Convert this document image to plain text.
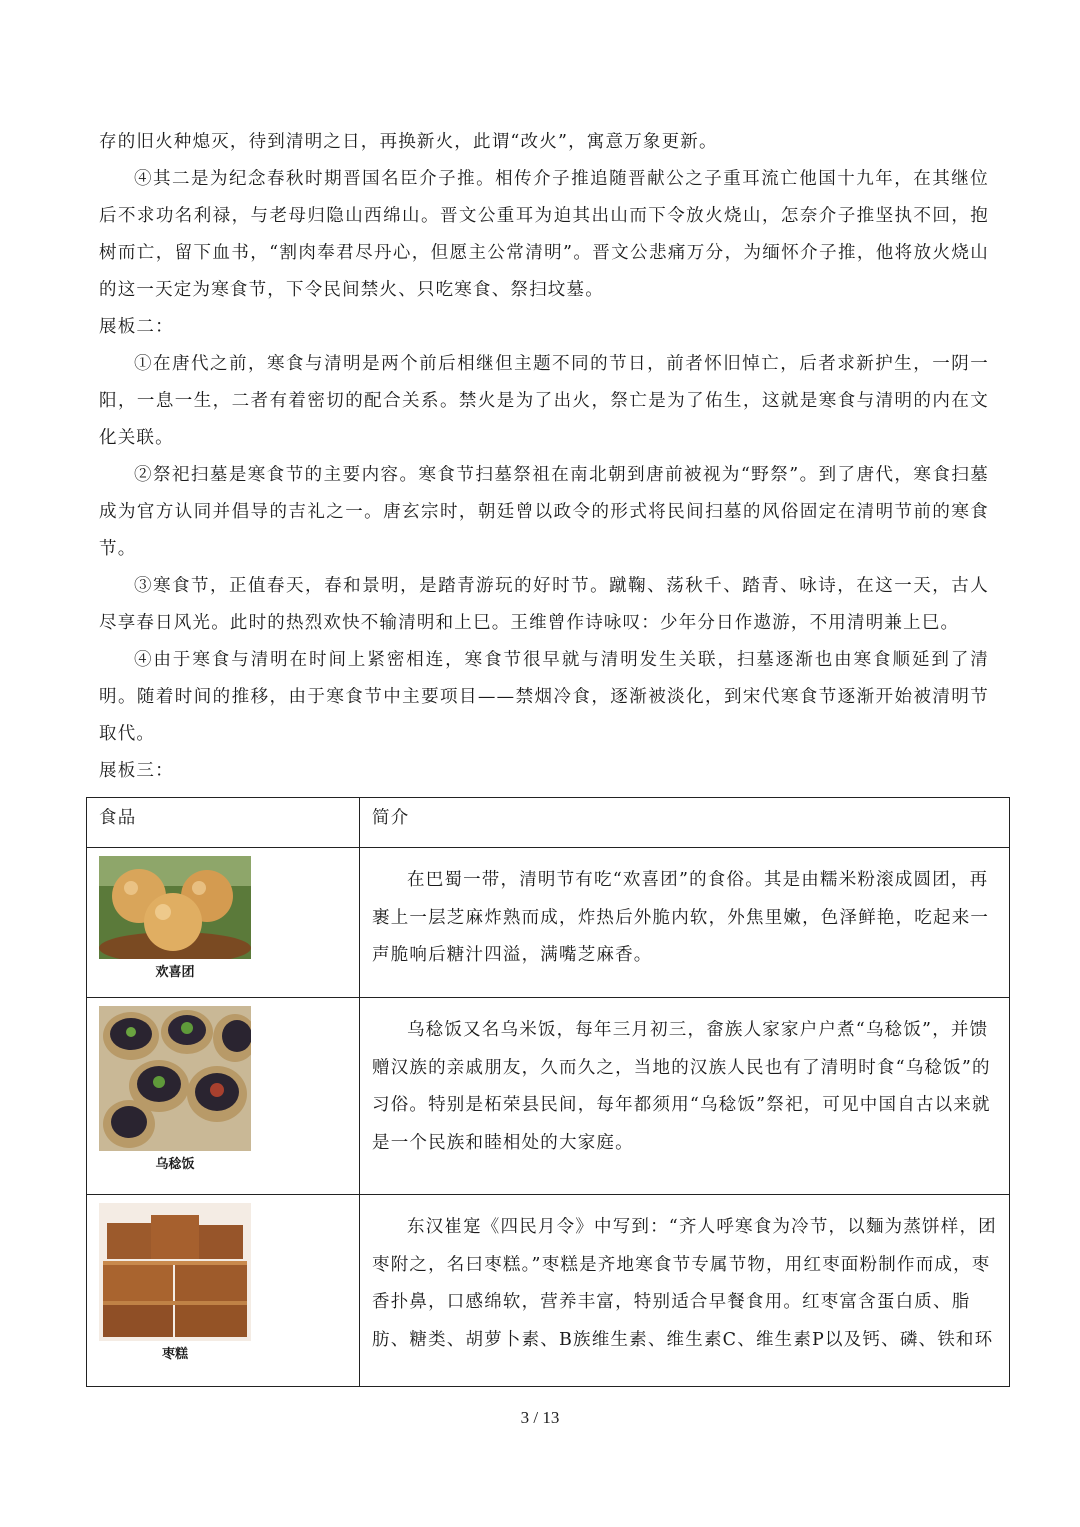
存的旧火种熄灭，待到清明之日，再换新火，此谓“改火”，寓意万象更新。

④其二是为纪念春秋时期晋国名臣介子推。相传介子推追随晋献公之子重耳流亡他国十九年，在其继位后不求功名利禄，与老母归隐山西绵山。晋文公重耳为迫其出山而下令放火烧山，怎奈介子推坚执不回，抱树而亡，留下血书，“割肉奉君尽丹心，但愿主公常清明”。晋文公悲痛万分，为缅怀介子推，他将放火烧山的这一天定为寒食节，下令民间禁火、只吃寒食、祭扫坟墓。

展板二：

①在唐代之前，寒食与清明是两个前后相继但主题不同的节日，前者怀旧悼亡，后者求新护生，一阴一阳，一息一生，二者有着密切的配合关系。禁火是为了出火，祭亡是为了佑生，这就是寒食与清明的内在文化关联。

②祭祀扫墓是寒食节的主要内容。寒食节扫墓祭祖在南北朝到唐前被视为“野祭”。到了唐代，寒食扫墓成为官方认同并倡导的吉礼之一。唐玄宗时，朝廷曾以政令的形式将民间扫墓的风俗固定在清明节前的寒食节。

③寒食节，正值春天，春和景明，是踏青游玩的好时节。蹴鞠、荡秋千、踏青、咏诗，在这一天，古人尽享春日风光。此时的热烈欢快不输清明和上巳。王维曾作诗咏叹：少年分日作遨游，不用清明兼上巳。

④由于寒食与清明在时间上紧密相连，寒食节很早就与清明发生关联，扫墓逐渐也由寒食顺延到了清明。随着时间的推移，由于寒食节中主要项目——禁烟冷食，逐渐被淡化，到宋代寒食节逐渐开始被清明节取代。

展板三：

食品	简介

欢喜团	在巴蜀一带，清明节有吃“欢喜团”的食俗。其是由糯米粉滚成圆团，再裹上一层芝麻炸熟而成，炸热后外脆内软，外焦里嫩，色泽鲜艳，吃起来一声脆响后糖汁四溢，满嘴芝麻香。

乌稔饭	乌稔饭又名乌米饭，每年三月初三，畲族人家家户户煮“乌稔饭”，并馈赠汉族的亲戚朋友，久而久之，当地的汉族人民也有了清明时食“乌稔饭”的习俗。特别是柘荣县民间，每年都须用“乌稔饭”祭祀，可见中国自古以来就是一个民族和睦相处的大家庭。

枣糕	东汉崔寔《四民月令》中写到：“齐人呼寒食为冷节，以麵为蒸饼样，团枣附之，名曰枣糕。”枣糕是齐地寒食节专属节物，用红枣面粉制作而成，枣香扑鼻，口感绵软，营养丰富，特别适合早餐食用。红枣富含蛋白质、脂肪、糖类、胡萝卜素、B族维生素、维生素C、维生素P以及钙、磷、铁和环

3 / 13
